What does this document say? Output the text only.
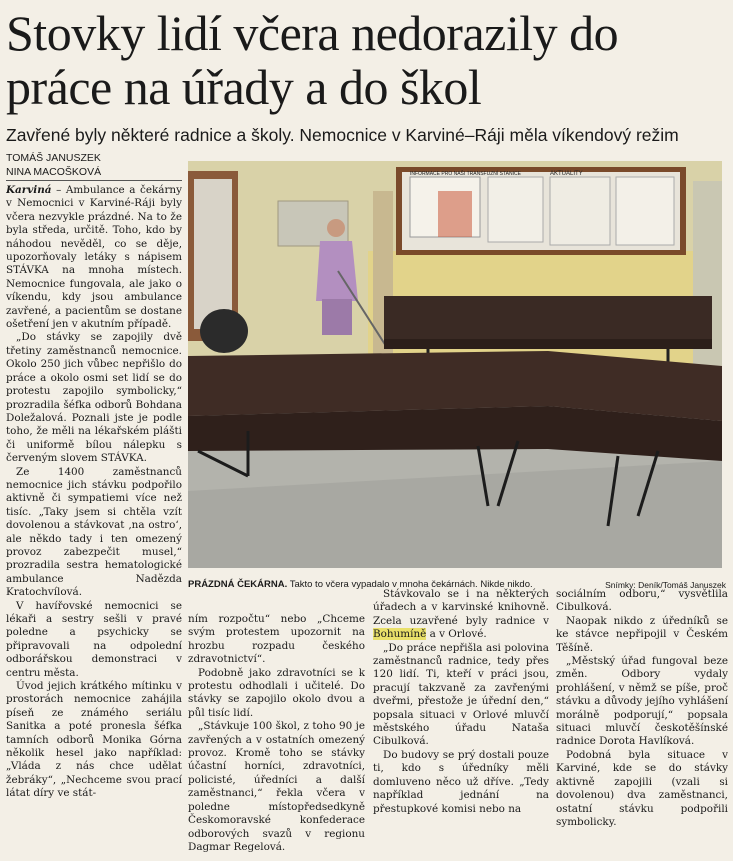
Stovky lidí včera nedorazily do práce na úřady a do škol
Zavřené byly některé radnice a školy. Nemocnice v Karviné–Ráji měla víkendový režim
TOMÁŠ JANUSZEK
NINA MACOŠKOVÁ

Karviná – Ambulance a čekárny v Nemocnici v Karviné-Ráji byly včera nezvykle prázdné. Na to že byla středa, určitě. Toho, kdo by náhodou nevěděl, co se děje, upozorňovaly letáky s nápisem STÁVKA na mnoha místech. Nemocnice fungovala, ale jako o víkendu, kdy jsou ambulance zavřené, a pacientům se dostane ošetření jen v akutním případě.

„Do stávky se zapojily dvě třetiny zaměstnanců nemocnice. Okolo 250 jich vůbec nepřišlo do práce a okolo osmi set lidí se do protestu zapojilo symbolicky,“ prozradila šéfka odborů Bohdana Doležalová. Poznali jste je podle toho, že měli na lékařském plášti či uniformě bílou nálepku s červeným slovem STÁVKA.

Ze 1400 zaměstnanců nemocnice jich stávku podpořilo aktivně či sympatiemi více než tisíc. „Taky jsem si chtěla vzít dovolenou a stávkovat ‚na ostro‘, ale někdo tady i ten omezený provoz zabezpečit musel,“ prozradila sestra hematologické ambulance Nadězda Kratochvílová.

V havířovské nemocnici se lékaři a sestry sešli v pravé poledne a psychicky se připravovali na odpolední odborářskou demonstraci v centru města.

Úvod jejich krátkého mítinku v prostorách nemocnice zahájila píseň ze známého seriálu Sanitka a poté pronesla šéfka tamních odborů Monika Górna několik hesel jako například: „Vláda z nás chce udělat žebráky“, „Nechceme svou prací látat díry ve stát-

INFORMACE PRO NAŠI TRANSFUZNÍ STANICE	AKTUALITY
PRÁZDNÁ ČEKÁRNA. Takto to včera vypadalo v mnoha čekárnách. Nikde nikdo.	Snímky: Deník/Tomáš Januszek

ním rozpočtu“ nebo „Chceme svým protestem upozornit na hrozbu rozpadu českého zdravotnictví“.

Podobně jako zdravotníci se k protestu odhodlali i učitelé. Do stávky se zapojilo okolo dvou a půl tisíc lidí.

„Stávkuje 100 škol, z toho 90 je zavřených a v ostatních omezený provoz. Kromě toho se stávky účastní horníci, zdravotníci, policisté, úředníci a další zaměstnanci,“ řekla včera v poledne místopředsedkyně Českomoravské konfederace odborových svazů v regionu Dagmar Regelová.

Stávkovalo se i na některých úřadech a v karvinské knihovně. Zcela uzavřené byly radnice v Bohumíně a v Orlové.

„Do práce nepřišla asi polovina zaměstnanců radnice, tedy přes 120 lidí. Ti, kteří v práci jsou, pracují takzvaně za zavřenými dveřmi, přestože je úřední den,“ popsala situaci v Orlové mluvčí městského úřadu Nataša Cibulková.

Do budovy se prý dostali pouze ti, kdo s úředníky měli domluveno něco už dříve. „Tedy například jednání na přestupkové komisi nebo na

sociálním odboru,“ vysvětlila Cibulková.

Naopak nikdo z úředníků se ke stávce nepřipojil v Českém Těšíně.

„Městský úřad fungoval beze změn. Odbory vydaly prohlášení, v němž se píše, proč stávku a důvody jejího vyhlášení morálně podporují,“ popsala situaci mluvčí českotěšínské radnice Dorota Havlíková.

Podobná byla situace v Karviné, kde se do stávky aktivně zapojili (vzali si dovolenou) dva zaměstnanci, ostatní stávku podpořili symbolicky.
